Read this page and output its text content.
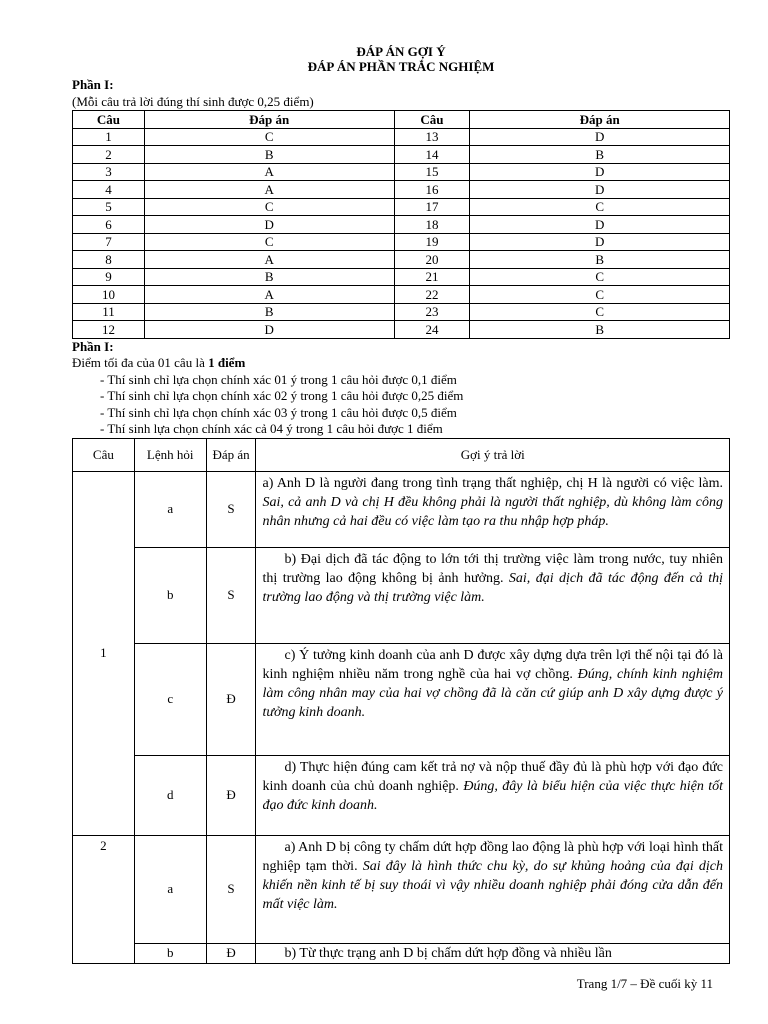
ĐÁP ÁN GỢI Ý
ĐÁP ÁN PHẦN TRẮC NGHIỆM
Phần I:
(Mỗi câu trả lời đúng thí sinh được 0,25 điểm)
Câu	Đáp án	Câu	Đáp án
1	C	13	D
2	B	14	B
3	A	15	D
4	A	16	D
5	C	17	C
6	D	18	D
7	C	19	D
8	A	20	B
9	B	21	C
10	A	22	C
11	B	23	C
12	D	24	B
Phần I:
Điểm tối đa của 01 câu là 1 điểm
- Thí sinh chỉ lựa chọn chính xác 01 ý trong 1 câu hỏi được 0,1 điểm
- Thí sinh chỉ lựa chọn chính xác 02 ý trong 1 câu hỏi được 0,25 điểm
- Thí sinh chỉ lựa chọn chính xác 03 ý trong 1 câu hỏi được 0,5 điểm
- Thí sinh lựa chọn chính xác cả 04 ý trong 1 câu hỏi được 1 điểm
Câu	Lệnh hỏi	Đáp án	Gợi ý trả lời
1	a	S	a) Anh D là người đang trong tình trạng thất nghiệp, chị H là người có việc làm. Sai, cả anh D và chị H đều không phải là người thất nghiệp, dù không làm công nhân nhưng cả hai đều có việc làm tạo ra thu nhập hợp pháp.
	b	S	b) Đại dịch đã tác động to lớn tới thị trường việc làm trong nước, tuy nhiên thị trường lao động không bị ảnh hưởng. Sai, đại dịch đã tác động đến cả thị trường lao động và thị trường việc làm.
	c	Đ	c) Ý tưởng kinh doanh của anh D được xây dựng dựa trên lợi thế nội tại đó là kinh nghiệm nhiều năm trong nghề của hai vợ chồng. Đúng, chính kinh nghiệm làm công nhân may của hai vợ chồng đã là căn cứ giúp anh D xây dựng được ý tưởng kinh doanh.
	d	Đ	d) Thực hiện đúng cam kết trả nợ và nộp thuế đầy đủ là phù hợp với đạo đức kinh doanh của chủ doanh nghiệp. Đúng, đây là biểu hiện của việc thực hiện tốt đạo đức kinh doanh.
2	a	S	a) Anh D bị công ty chấm dứt hợp đồng lao động là phù hợp với loại hình thất nghiệp tạm thời. Sai đây là hình thức chu kỳ, do sự khủng hoảng của đại dịch khiến nền kinh tế bị suy thoái vì vậy nhiều doanh nghiệp phải đóng cửa dẫn đến mất việc làm.
	b	Đ	b) Từ thực trạng anh D bị chấm dứt hợp đồng và nhiều lần
Trang 1/7 – Đề cuối kỳ 11
